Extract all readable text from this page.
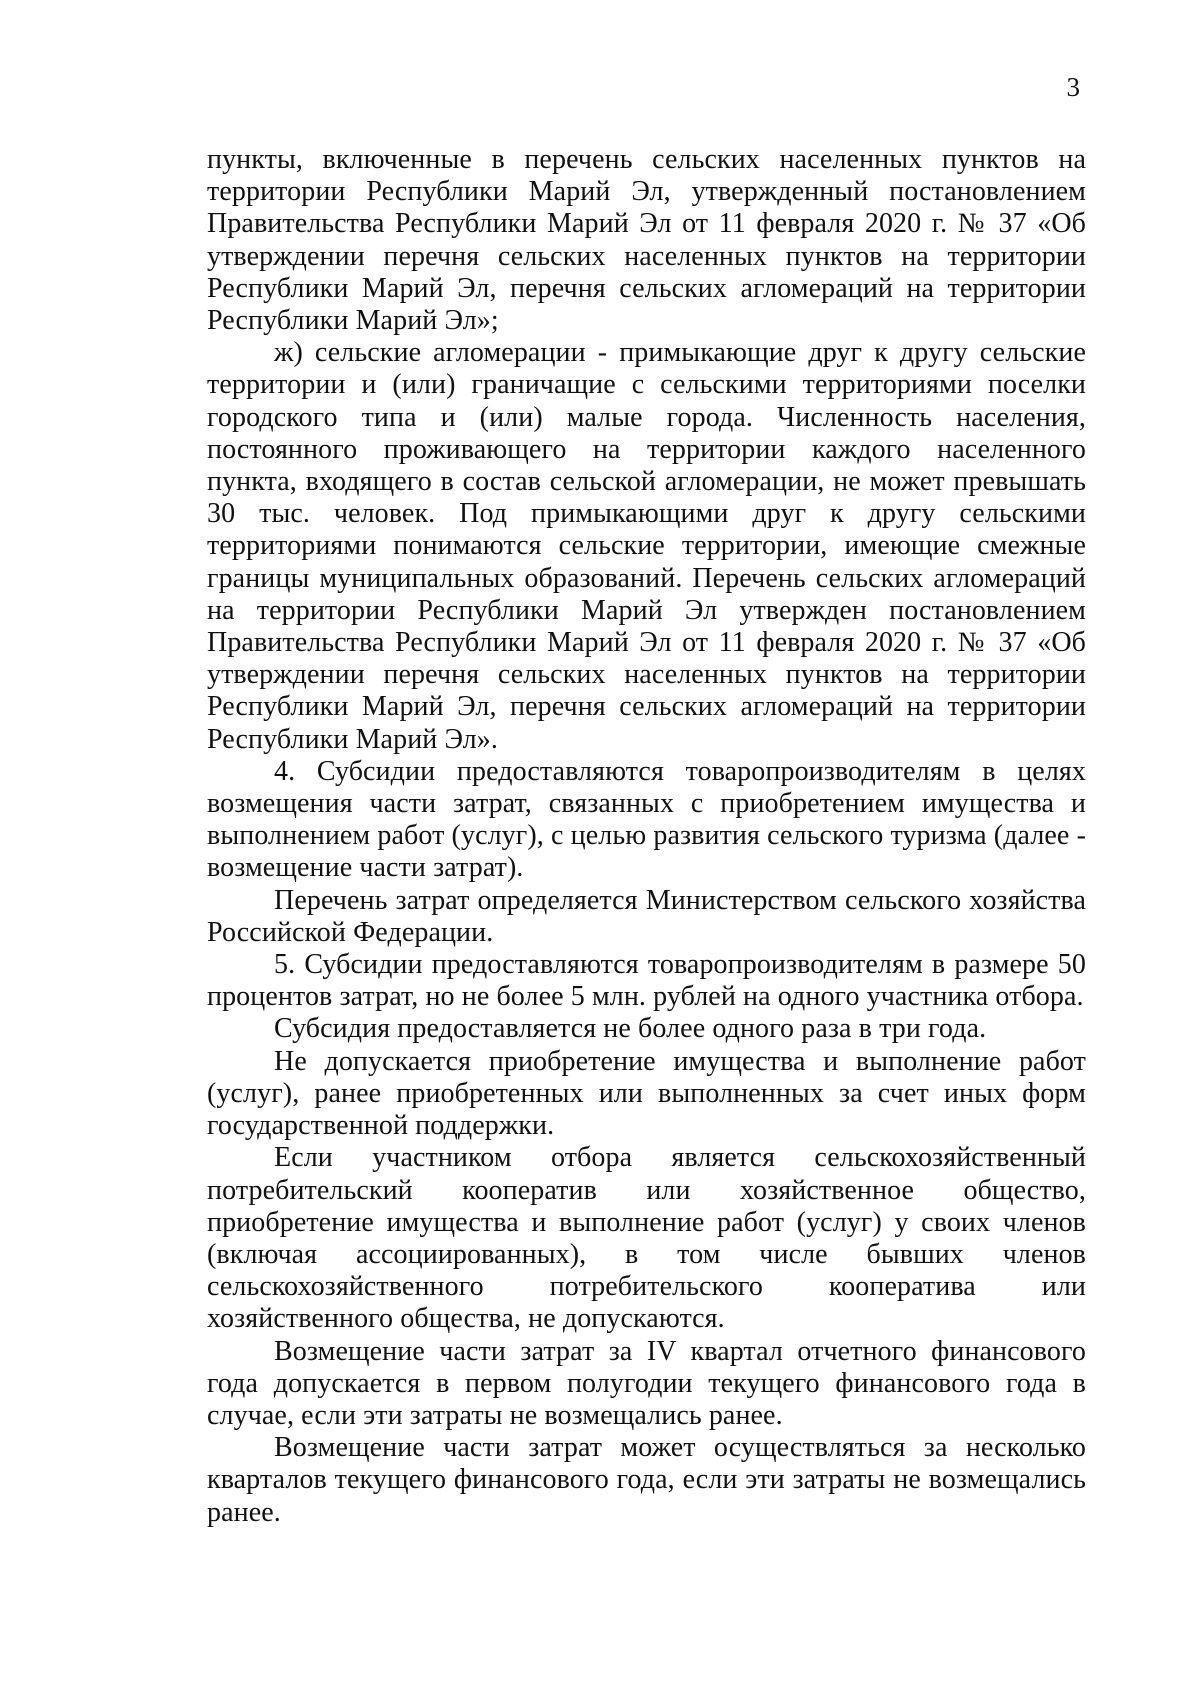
3

пункты, включенные в перечень сельских населенных пунктов на территории Республики Марий Эл, утвержденный постановлением Правительства Республики Марий Эл от 11 февраля 2020 г. № 37 «Об утверждении перечня сельских населенных пунктов на территории Республики Марий Эл, перечня сельских агломераций на территории Республики Марий Эл»;

ж) сельские агломерации - примыкающие друг к другу сельские территории и (или) граничащие с сельскими территориями поселки городского типа и (или) малые города. Численность населения, постоянного проживающего на территории каждого населенного пункта, входящего в состав сельской агломерации, не может превышать 30 тыс. человек. Под примыкающими друг к другу сельскими территориями понимаются сельские территории, имеющие смежные границы муниципальных образований. Перечень сельских агломераций на территории Республики Марий Эл утвержден постановлением Правительства Республики Марий Эл от 11 февраля 2020 г. № 37 «Об утверждении перечня сельских населенных пунктов на территории Республики Марий Эл, перечня сельских агломераций на территории Республики Марий Эл».

4. Субсидии предоставляются товаропроизводителям в целях возмещения части затрат, связанных с приобретением имущества и выполнением работ (услуг), с целью развития сельского туризма (далее - возмещение части затрат).

Перечень затрат определяется Министерством сельского хозяйства Российской Федерации.

5. Субсидии предоставляются товаропроизводителям в размере 50 процентов затрат, но не более 5 млн. рублей на одного участника отбора.

Субсидия предоставляется не более одного раза в три года.

Не допускается приобретение имущества и выполнение работ (услуг), ранее приобретенных или выполненных за счет иных форм государственной поддержки.

Если участником отбора является сельскохозяйственный потребительский кооператив или хозяйственное общество, приобретение имущества и выполнение работ (услуг) у своих членов (включая ассоциированных), в том числе бывших членов сельскохозяйственного потребительского кооператива или хозяйственного общества, не допускаются.

Возмещение части затрат за IV квартал отчетного финансового года допускается в первом полугодии текущего финансового года в случае, если эти затраты не возмещались ранее.

Возмещение части затрат может осуществляться за несколько кварталов текущего финансового года, если эти затраты не возмещались ранее.
